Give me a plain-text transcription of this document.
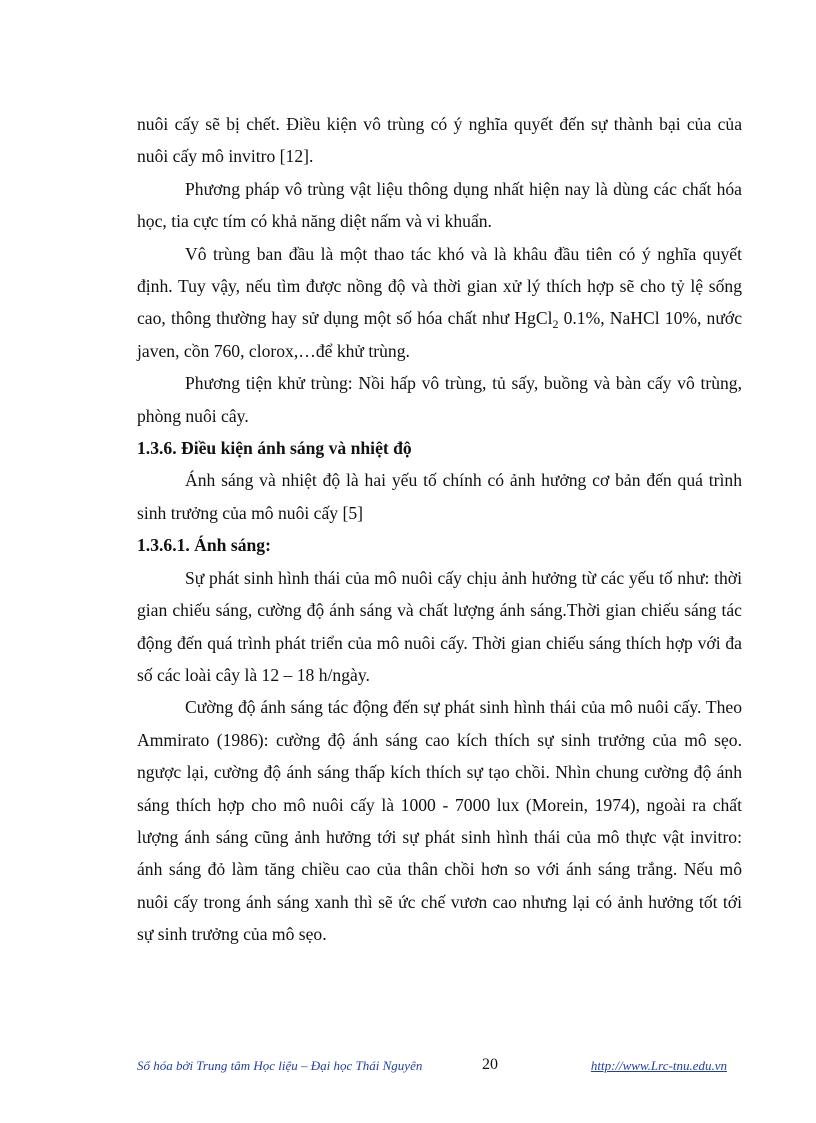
nuôi cấy sẽ bị chết. Điều kiện vô trùng có ý nghĩa quyết đến sự thành bại của của nuôi cấy mô invitro [12].

Phương pháp vô trùng vật liệu thông dụng nhất hiện nay là dùng các chất hóa học, tia cực tím có khả năng diệt nấm và vi khuẩn.

Vô trùng ban đầu là một thao tác khó và là khâu đầu tiên có ý nghĩa quyết định. Tuy vậy, nếu tìm được nồng độ và thời gian xử lý thích hợp sẽ cho tỷ lệ sống cao, thông thường hay sử dụng một số hóa chất như HgCl$_2$ 0.1%, NaHCl 10%, nước javen, cồn 760, clorox,…để khử trùng.

Phương tiện khử trùng: Nồi hấp vô trùng, tủ sấy, buồng và bàn cấy vô trùng, phòng nuôi cây.

1.3.6. Điều kiện ánh sáng và nhiệt độ

Ánh sáng và nhiệt độ là hai yếu tố chính có ảnh hưởng cơ bản đến quá trình sinh trưởng của mô nuôi cấy [5]

1.3.6.1. Ánh sáng:

Sự phát sinh hình thái của mô nuôi cấy chịu ảnh hưởng từ các yếu tố như: thời gian chiếu sáng, cường độ ánh sáng và chất lượng ánh sáng.Thời gian chiếu sáng tác động đến quá trình phát triển của mô nuôi cấy. Thời gian chiếu sáng thích hợp với đa số các loài cây là 12 – 18 h/ngày.

Cường độ ánh sáng tác động đến sự phát sinh hình thái của mô nuôi cấy. Theo Ammirato (1986): cường độ ánh sáng cao kích thích sự sinh trưởng của mô sẹo. ngược lại, cường độ ánh sáng thấp kích thích sự tạo chồi. Nhìn chung cường độ ánh sáng thích hợp cho mô nuôi cấy là 1000 - 7000 lux (Morein, 1974), ngoài ra chất lượng ánh sáng cũng ảnh hưởng tới sự phát sinh hình thái của mô thực vật invitro: ánh sáng đỏ làm tăng chiều cao của thân chồi hơn so với ánh sáng trắng. Nếu mô nuôi cấy trong ánh sáng xanh thì sẽ ức chế vươn cao nhưng lại có ảnh hưởng tốt tới sự sinh trưởng của mô sẹo.

Số hóa bởi Trung tâm Học liệu – Đại học Thái Nguyên	20	http://www.Lrc-tnu.edu.vn
